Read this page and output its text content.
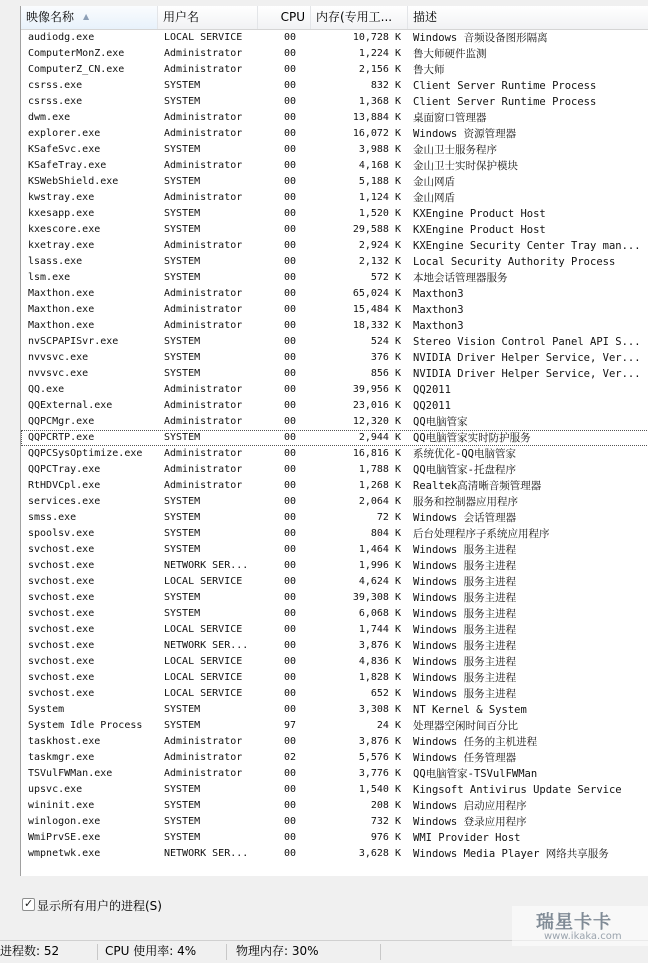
映像名称 ▲	用户名	CPU 内存(专用工...	描述
audiodg.exe	LOCAL SERVICE	00	10,728 K Windows 音频设备图形隔离
ComputerMonZ.exe	Administrator	00	1,224 K 鲁大师硬件监测
ComputerZ_CN.exe	Administrator	00	2,156 K 鲁大师
csrss.exe	SYSTEM	00	832 K Client Server Runtime Process
csrss.exe	SYSTEM	00	1,368 K Client Server Runtime Process
dwm.exe	Administrator	00	13,884 K 桌面窗口管理器
explorer.exe	Administrator	00	16,072 K Windows 资源管理器
KSafeSvc.exe	SYSTEM	00	3,988 K 金山卫士服务程序
KSafeTray.exe	Administrator	00	4,168 K 金山卫士实时保护模块
KSWebShield.exe	SYSTEM	00	5,188 K 金山网盾
kwstray.exe	Administrator	00	1,124 K 金山网盾
kxesapp.exe	SYSTEM	00	1,520 K KXEngine Product Host
kxescore.exe	SYSTEM	00	29,588 K KXEngine Product Host
kxetray.exe	Administrator	00	2,924 K KXEngine Security Center Tray man...
lsass.exe	SYSTEM	00	2,132 K Local Security Authority Process
lsm.exe	SYSTEM	00	572 K 本地会话管理器服务
Maxthon.exe	Administrator	00	65,024 K Maxthon3
Maxthon.exe	Administrator	00	15,484 K Maxthon3
Maxthon.exe	Administrator	00	18,332 K Maxthon3
nvSCPAPISvr.exe	SYSTEM	00	524 K Stereo Vision Control Panel API S...
nvvsvc.exe	SYSTEM	00	376 K NVIDIA Driver Helper Service, Ver...
nvvsvc.exe	SYSTEM	00	856 K NVIDIA Driver Helper Service, Ver...
QQ.exe	Administrator	00	39,956 K QQ2011
QQExternal.exe	Administrator	00	23,016 K QQ2011
QQPCMgr.exe	Administrator	00	12,320 K QQ电脑管家
QQPCRTP.exe	SYSTEM	00	2,944 K QQ电脑管家实时防护服务
QQPCSysOptimize.exe	Administrator	00	16,816 K 系统优化-QQ电脑管家
QQPCTray.exe	Administrator	00	1,788 K QQ电脑管家-托盘程序
RtHDVCpl.exe	Administrator	00	1,268 K Realtek高清晰音频管理器
services.exe	SYSTEM	00	2,064 K 服务和控制器应用程序
smss.exe	SYSTEM	00	72 K Windows 会话管理器
spoolsv.exe	SYSTEM	00	804 K 后台处理程序子系统应用程序
svchost.exe	SYSTEM	00	1,464 K Windows 服务主进程
svchost.exe	NETWORK SER...	00	1,996 K Windows 服务主进程
svchost.exe	LOCAL SERVICE	00	4,624 K Windows 服务主进程
svchost.exe	SYSTEM	00	39,308 K Windows 服务主进程
svchost.exe	SYSTEM	00	6,068 K Windows 服务主进程
svchost.exe	LOCAL SERVICE	00	1,744 K Windows 服务主进程
svchost.exe	NETWORK SER...	00	3,876 K Windows 服务主进程
svchost.exe	LOCAL SERVICE	00	4,836 K Windows 服务主进程
svchost.exe	LOCAL SERVICE	00	1,828 K Windows 服务主进程
svchost.exe	LOCAL SERVICE	00	652 K Windows 服务主进程
System	SYSTEM	00	3,308 K NT Kernel & System
System Idle Process	SYSTEM	97	24 K 处理器空闲时间百分比
taskhost.exe	Administrator	00	3,876 K Windows 任务的主机进程
taskmgr.exe	Administrator	02	5,576 K Windows 任务管理器
TSVulFWMan.exe	Administrator	00	3,776 K QQ电脑管家-TSVulFWMan
upsvc.exe	SYSTEM	00	1,540 K Kingsoft Antivirus Update Service
wininit.exe	SYSTEM	00	208 K Windows 启动应用程序
winlogon.exe	SYSTEM	00	732 K Windows 登录应用程序
WmiPrvSE.exe	SYSTEM	00	976 K WMI Provider Host
wmpnetwk.exe	NETWORK SER...	00	3,628 K Windows Media Player 网络共享服务
✓ 显示所有用户的进程(S)
进程数: 52	CPU 使用率: 4%	物理内存: 30%
瑞星卡卡
www.ikaka.com
